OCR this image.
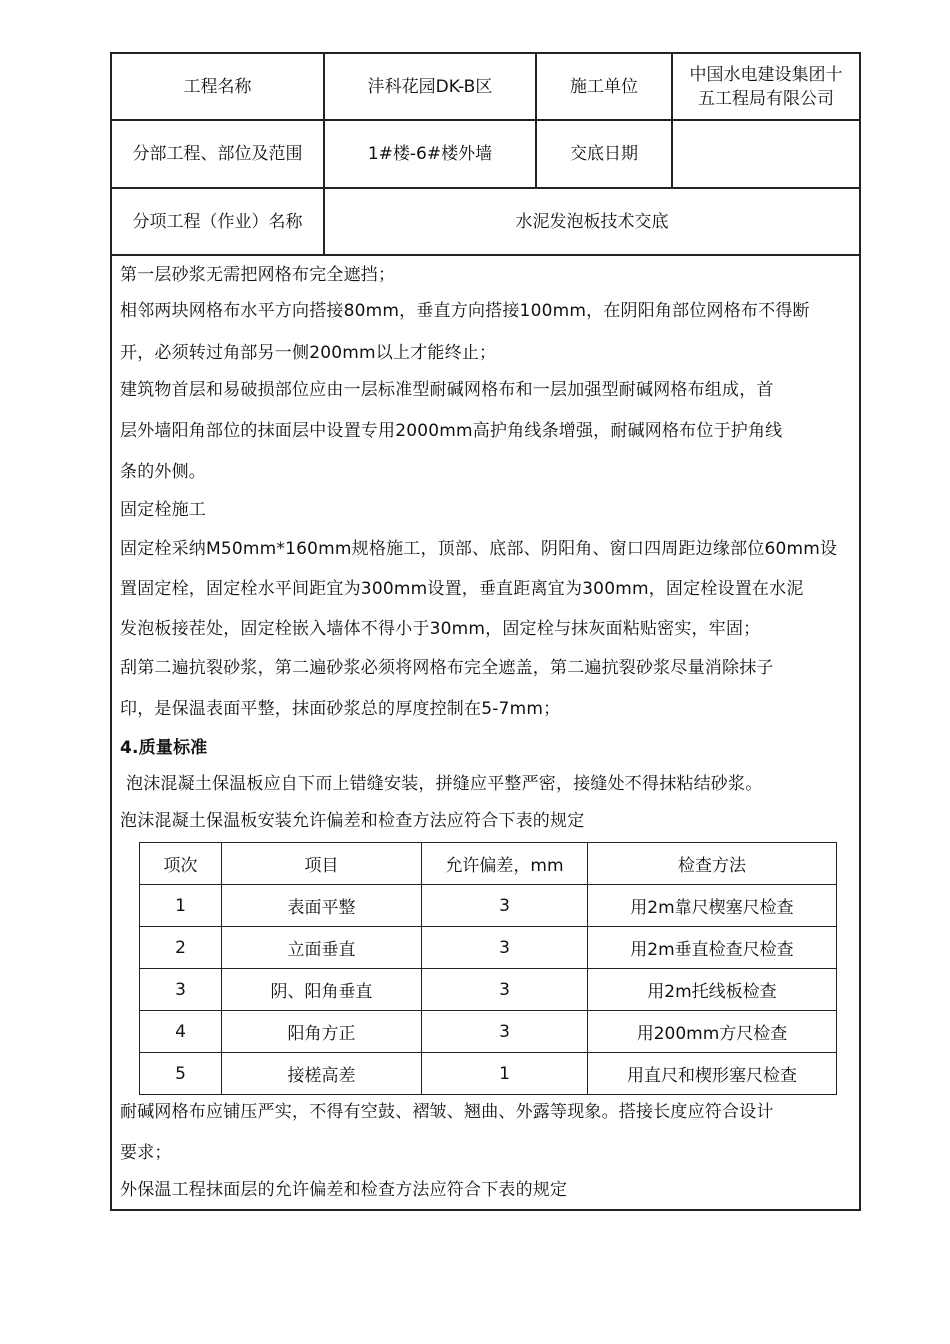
工程名称	沣科花园DK-B区	施工单位
中国水电建设集团十
五工程局有限公司
分部工程、部位及范围	1#楼-6#楼外墙	交底日期
分项工程（作业）名称	水泥发泡板技术交底
第一层砂浆无需把网格布完全遮挡；
相邻两块网格布水平方向搭接80mm，垂直方向搭接100mm，在阴阳角部位网格布不得断
开，必须转过角部另一侧200mm以上才能终止；
建筑物首层和易破损部位应由一层标准型耐碱网格布和一层加强型耐碱网格布组成，首
层外墙阳角部位的抹面层中设置专用2000mm高护角线条增强，耐碱网格布位于护角线
条的外侧。
固定栓施工
固定栓采纳M50mm*160mm规格施工，顶部、底部、阴阳角、窗口四周距边缘部位60mm设
置固定栓，固定栓水平间距宜为300mm设置，垂直距离宜为300mm，固定栓设置在水泥
发泡板接茬处，固定栓嵌入墙体不得小于30mm，固定栓与抹灰面粘贴密实，牢固；
刮第二遍抗裂砂浆，第二遍砂浆必须将网格布完全遮盖，第二遍抗裂砂浆尽量消除抹子
印，是保温表面平整，抹面砂浆总的厚度控制在5-7mm；
4.质量标准
泡沫混凝土保温板应自下而上错缝安装，拼缝应平整严密，接缝处不得抹粘结砂浆。
泡沫混凝土保温板安装允许偏差和检查方法应符合下表的规定
项次	项目	允许偏差，mm	检查方法
1	表面平整	3	用2m靠尺楔塞尺检查
2	立面垂直	3	用2m垂直检查尺检查
3	阴、阳角垂直	3	用2m托线板检查
4	阳角方正	3	用200mm方尺检查
5	接槎高差	1	用直尺和楔形塞尺检查
耐碱网格布应铺压严实，不得有空鼓、褶皱、翘曲、外露等现象。搭接长度应符合设计
要求；
外保温工程抹面层的允许偏差和检查方法应符合下表的规定
